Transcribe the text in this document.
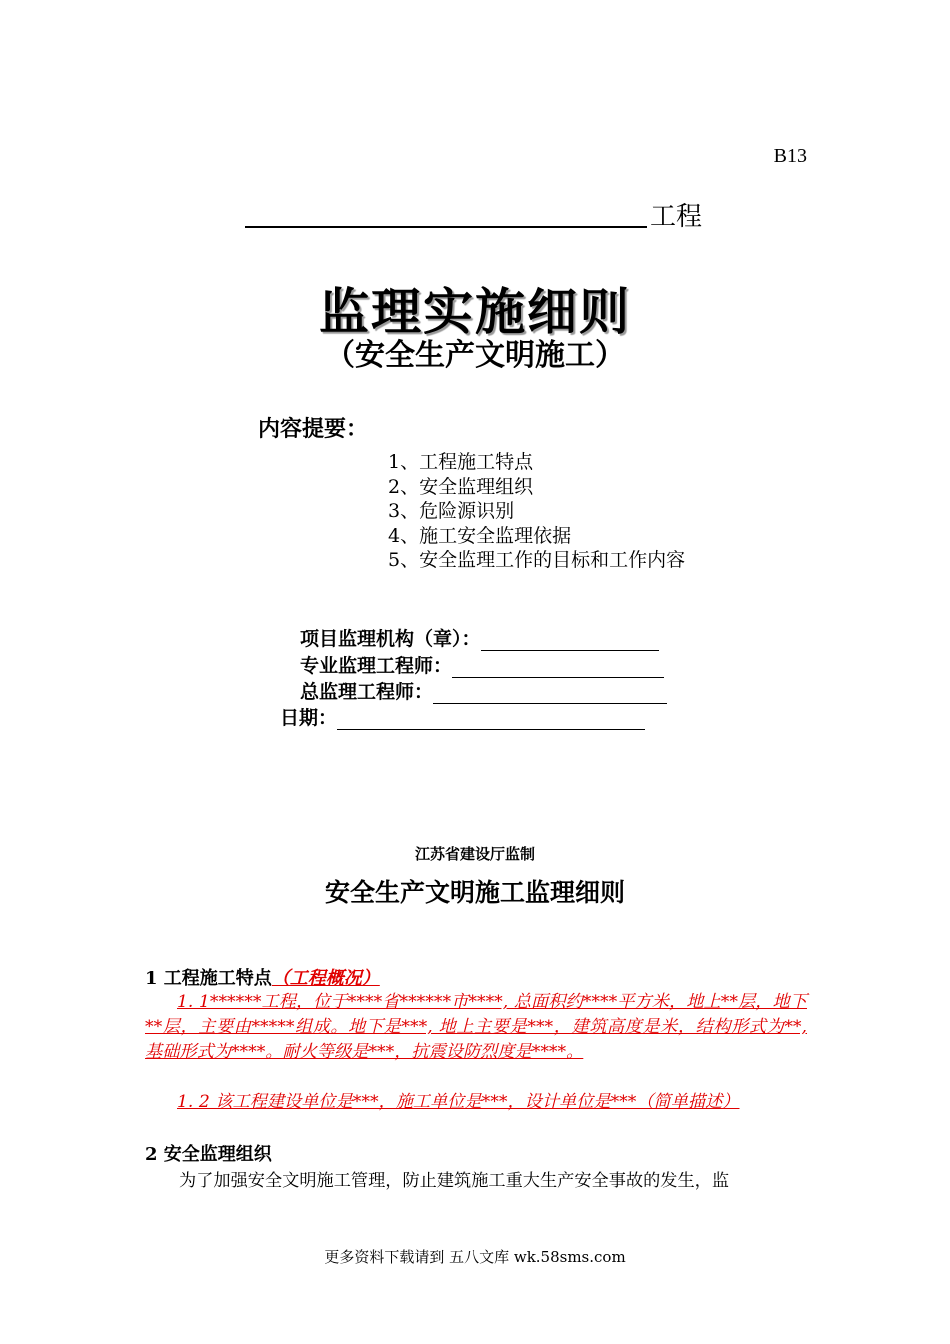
B13
工程
监理实施细则
（安全生产文明施工）
内容提要：
1、工程施工特点
2、安全监理组织
3、危险源识别
4、施工安全监理依据
5、安全监理工作的目标和工作内容
项目监理机构（章）：
专业监理工程师：
总监理工程师：
日期：
江苏省建设厅监制
安全生产文明施工监理细则
1 工程施工特点（工程概况）
1. 1******工程，位于****省******市****, 总面积约****平方米，地上**层，地下**层，主要由*****组成。地下是***, 地上主要是***，建筑高度是米，结构形式为**, 基础形式为****。耐火等级是***，抗震设防烈度是****。
1. 2 该工程建设单位是***，施工单位是***，设计单位是***（简单描述）
2 安全监理组织
为了加强安全文明施工管理，防止建筑施工重大生产安全事故的发生，监
更多资料下载请到 五八文库 wk.58sms.com
